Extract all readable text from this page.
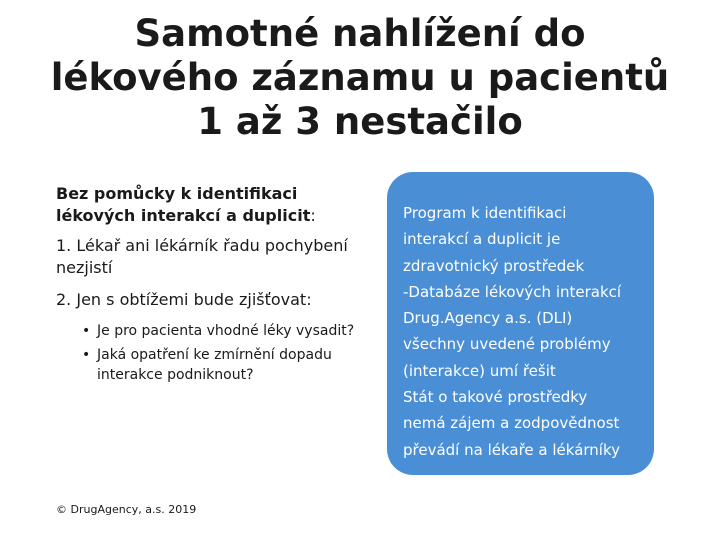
Samotné nahlížení do
lékového záznamu u pacientů
1 až 3 nestačilo

Bez pomůcky k identifikaci lékových interakcí a duplicit:

1. Lékař ani lékárník řadu pochybení nezjistí

2. Jen s obtížemi bude zjišťovat:

• Je pro pacienta vhodné léky vysadit?
• Jaká opatření ke zmírnění dopadu interakce podniknout?

Program k identifikaci

interakcí a duplicit je

zdravotnický prostředek

-Databáze lékových interakcí

Drug.Agency a.s. (DLI)

všechny uvedené problémy

(interakce) umí řešit

Stát o takové prostředky

nemá zájem a zodpovědnost

převádí na lékaře a lékárníky

© DrugAgency, a.s. 2019
